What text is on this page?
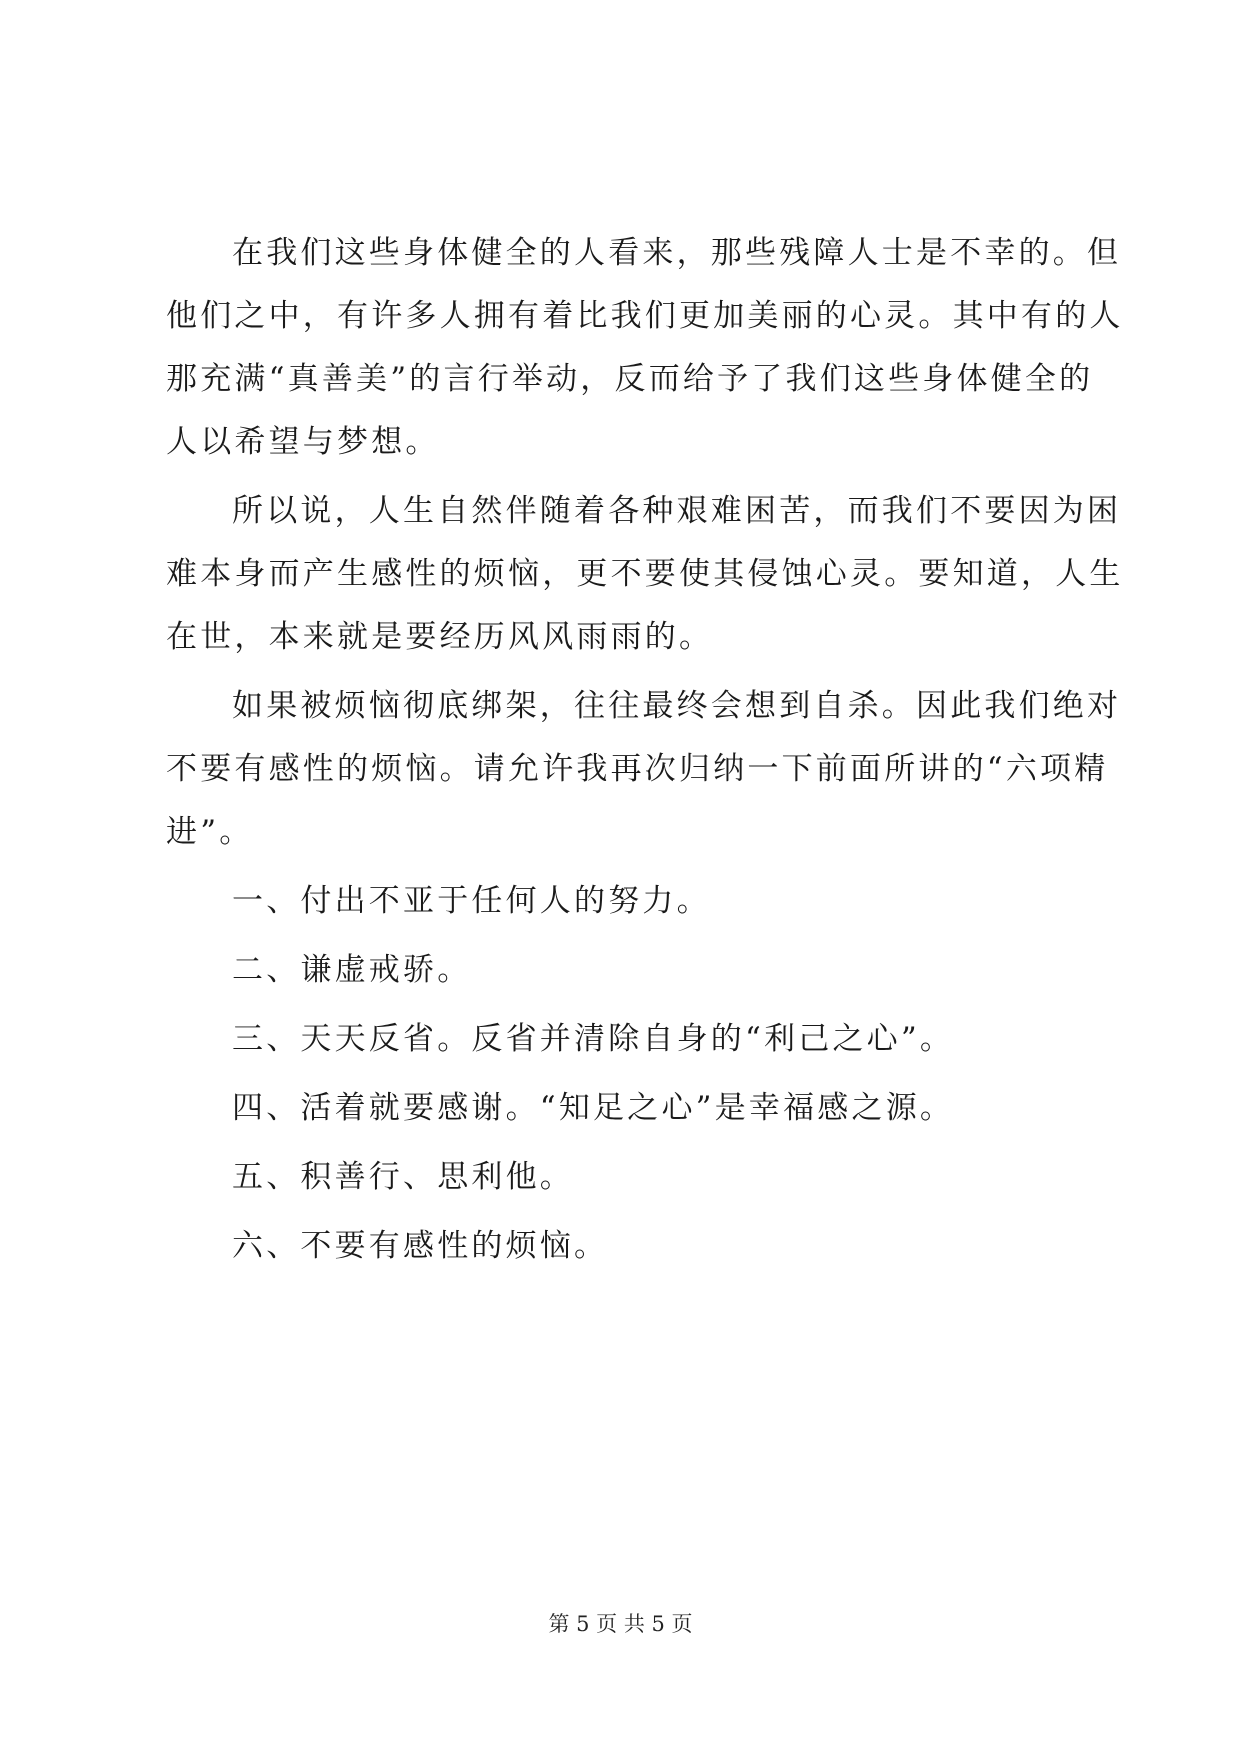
在我们这些身体健全的人看来，那些残障人士是不幸的。但
他们之中，有许多人拥有着比我们更加美丽的心灵。其中有的人
那充满“真善美”的言行举动，反而给予了我们这些身体健全的
人以希望与梦想。
所以说，人生自然伴随着各种艰难困苦，而我们不要因为困
难本身而产生感性的烦恼，更不要使其侵蚀心灵。要知道，人生
在世，本来就是要经历风风雨雨的。
如果被烦恼彻底绑架，往往最终会想到自杀。因此我们绝对
不要有感性的烦恼。请允许我再次归纳一下前面所讲的“六项精
进”。
一、付出不亚于任何人的努力。
二、谦虚戒骄。
三、天天反省。反省并清除自身的“利己之心”。
四、活着就要感谢。“知足之心”是幸福感之源。
五、积善行、思利他。
六、不要有感性的烦恼。
第 5 页 共 5 页
